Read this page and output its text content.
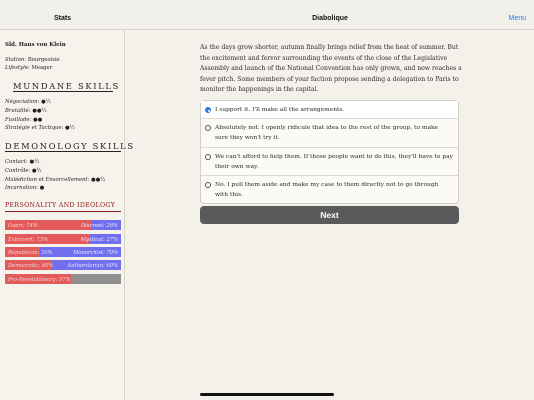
Stats
Sld. Hans von Klein
Station: Bourgeoisie
Lifestyle: Meager
MUNDANE SKILLS
Négociation: ●½
Brutalité: ●●½
Fusillade: ●●
Stratégie et Tactique: ●½
DEMONOLOGY SKILLS
Contact: ●½
Contrôle: ●½
Malédiction et Ensorcellement: ●●½
Incarnation: ●
PERSONALITY AND IDEOLOGY
Overt: 74%	Discreet: 26%
Extrovert: 73%	Mystical: 27%
Republican: 30%	Monarchist: 70%
Democratic: 40%	Authoritarian: 60%
Pro-Revolutionary: 57%
Diabolique	Menu
As the days grow shorter, autumn finally brings relief from the heat of summer. But the excitement and fervor surrounding the events of the close of the Legislative Assembly and launch of the National Convention has only grown, and now reaches a fever pitch. Some members of your faction propose sending a delegation to Paris to monitor the happenings in the capital.
I support it. I'll make all the arrangements.
Absolutely not. I openly ridicule that idea to the rest of the group, to make sure they won't try it.
We can't afford to help them. If those people want to do this, they'll have to pay their own way.
No. I pull them aside and make my case to them directly not to go through with this.
Next
